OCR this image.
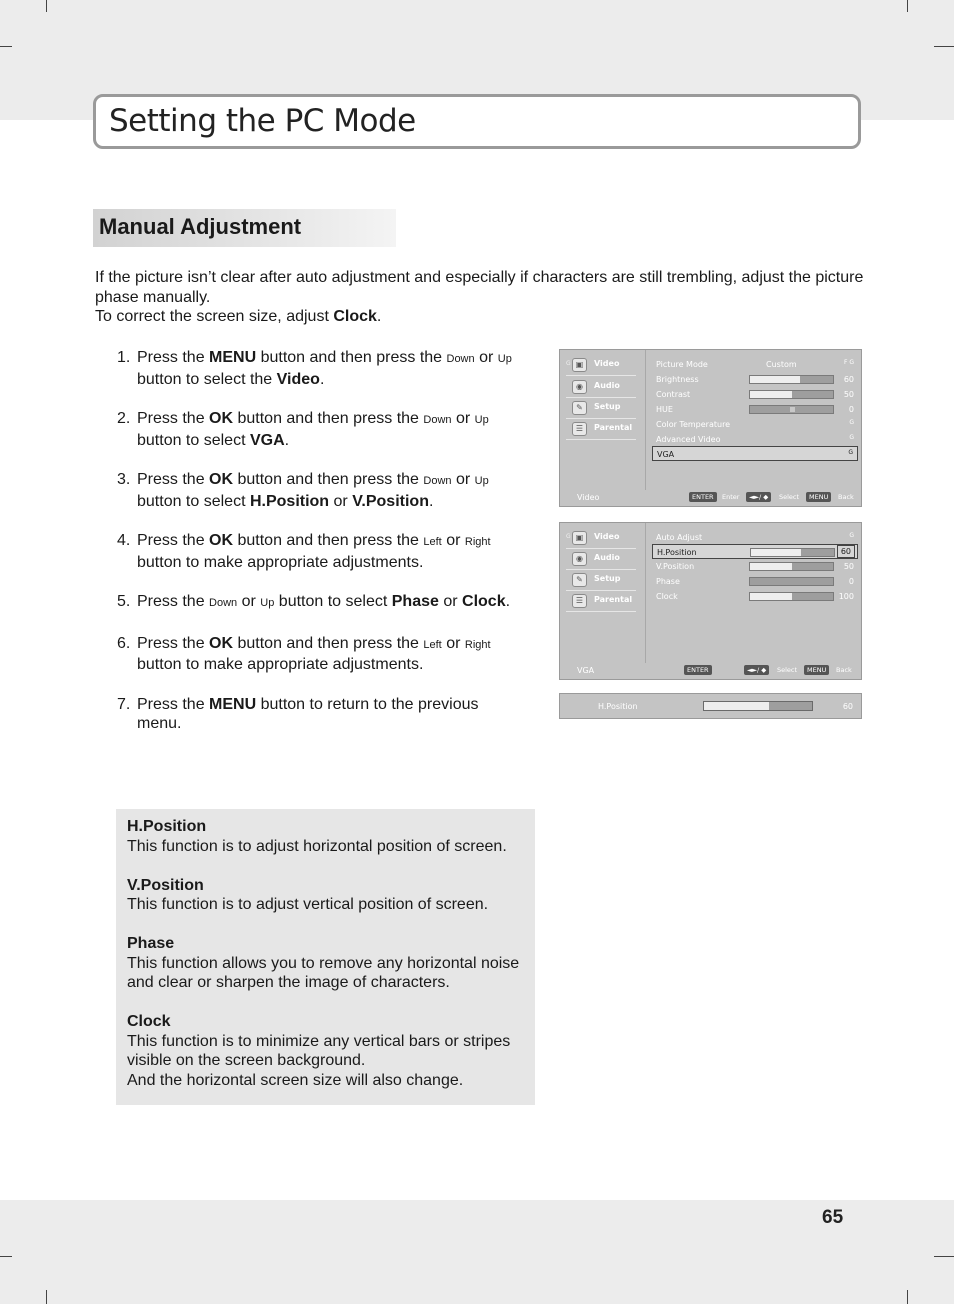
Setting the PC Mode
Manual Adjustment

If the picture isn’t clear after auto adjustment and especially if characters are still trembling, adjust the picture phase manually.

To correct the screen size, adjust Clock.

1. Press the MENU button and then press the Down or Up button to select the Video.
2. Press the OK button and then press the Down or Up button to select VGA.
3. Press the OK button and then press the Down or Up button to select H.Position or V.Position.
4. Press the OK button and then press the Left or Right button to make appropriate adjustments.
5. Press the Down or Up button to select Phase or Clock.
6. Press the OK button and then press the Left or Right button to make appropriate adjustments.
7. Press the MENU button to return to the previous menu.
G ▣	Video
◉	Audio
✎	Setup
☰	Parental
Picture Mode	Custom	F G
Brightness	60
Contrast	50
HUE	0
Color Temperature	G
Advanced Video	G
VGA	G
Video	ENTER	Enter	◄►/ ◆	Select	MENU	Back
G ▣	Video
◉	Audio
✎	Setup
☰	Parental
Auto Adjust	G
H.Position	60
V.Position	50
Phase	0
Clock	100
VGA	ENTER	◄►/ ◆	Select	MENU	Back
H.Position	60
H.Position
This function is to adjust horizontal position of screen.
V.Position
This function is to adjust vertical position of screen.
Phase
This function allows you to remove any horizontal noise and clear or sharpen the image of characters.
Clock
This function is to minimize any vertical bars or stripes visible on the screen background.
And the horizontal screen size will also change.
65
